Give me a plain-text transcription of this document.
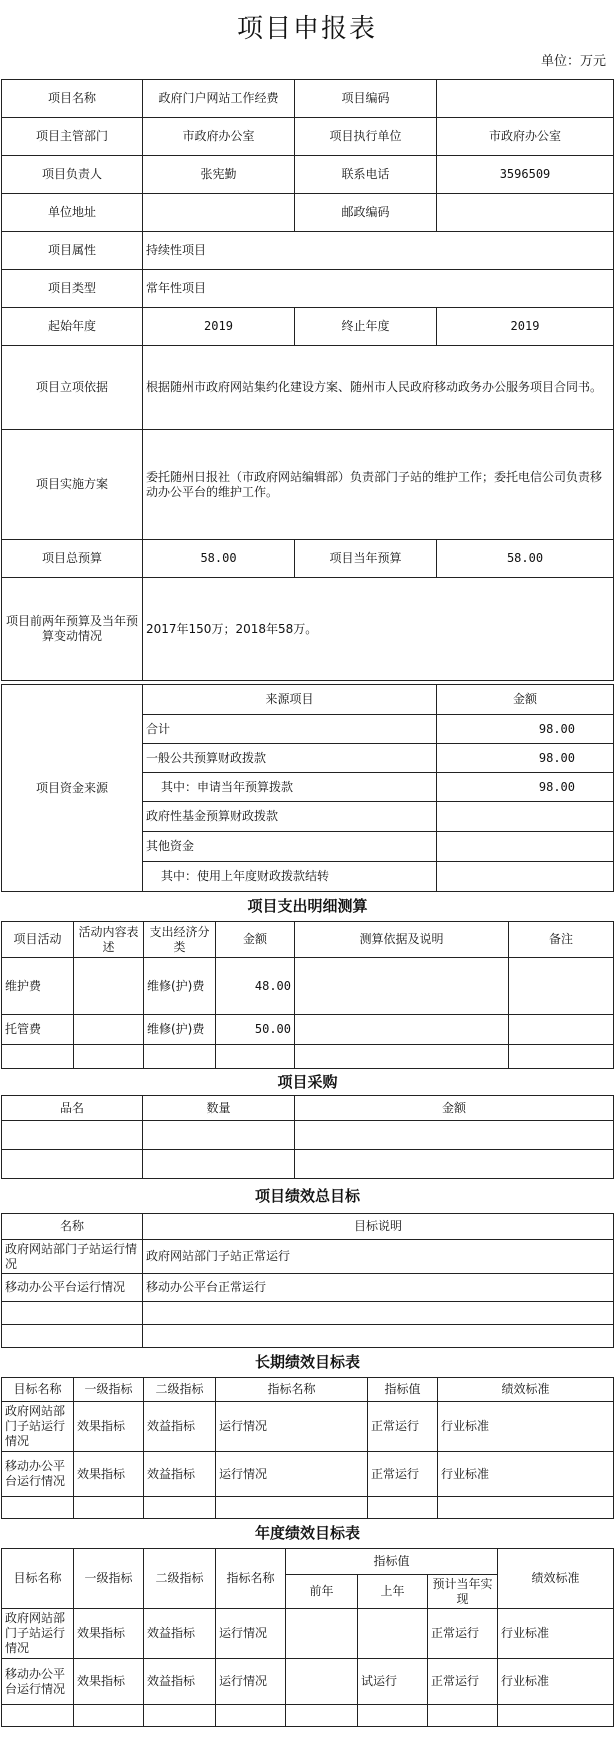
项目申报表
单位：万元
项目名称	政府门户网站工作经费	项目编码	
项目主管部门	市政府办公室	项目执行单位	市政府办公室
项目负责人	张宪勤	联系电话	3596509
单位地址		邮政编码	
项目属性	持续性项目		
项目类型	常年性项目		
起始年度	2019	终止年度	2019
项目立项依据	根据随州市政府网站集约化建设方案、随州市人民政府移动政务办公服务项目合同书。		
项目实施方案	委托随州日报社（市政府网站编辑部）负责部门子站的维护工作；委托电信公司负责移动办公平台的维护工作。		
项目总预算	58.00	项目当年预算	58.00
项目前两年预算及当年预算变动情况	2017年150万；2018年58万。		
项目资金来源	来源项目	金额
	合计	98.00
	一般公共预算财政拨款	98.00
	其中：申请当年预算拨款	98.00
	政府性基金预算财政拨款	
	其他资金	
	其中：使用上年度财政拨款结转	
项目支出明细测算					
项目活动	活动内容表述	支出经济分类	金额	测算依据及说明	备注
维护费		维修(护)费	48.00		
托管费		维修(护)费	50.00		

项目采购		
品名	数量	金额

项目绩效总目标	
名称	目标说明
政府网站部门子站运行情况	政府网站部门子站正常运行
移动办公平台运行情况	移动办公平台正常运行

长期绩效目标表					
目标名称	一级指标	二级指标	指标名称	指标值	绩效标准
政府网站部门子站运行情况	效果指标	效益指标	运行情况	正常运行	行业标准
移动办公平台运行情况	效果指标	效益指标	运行情况	正常运行	行业标准

年度绩效目标表							
目标名称	一级指标	二级指标	指标名称	指标值			绩效标准
				前年	上年	预计当年实现	
政府网站部门子站运行情况	效果指标	效益指标	运行情况			正常运行	行业标准
移动办公平台运行情况	效果指标	效益指标	运行情况		试运行	正常运行	行业标准
